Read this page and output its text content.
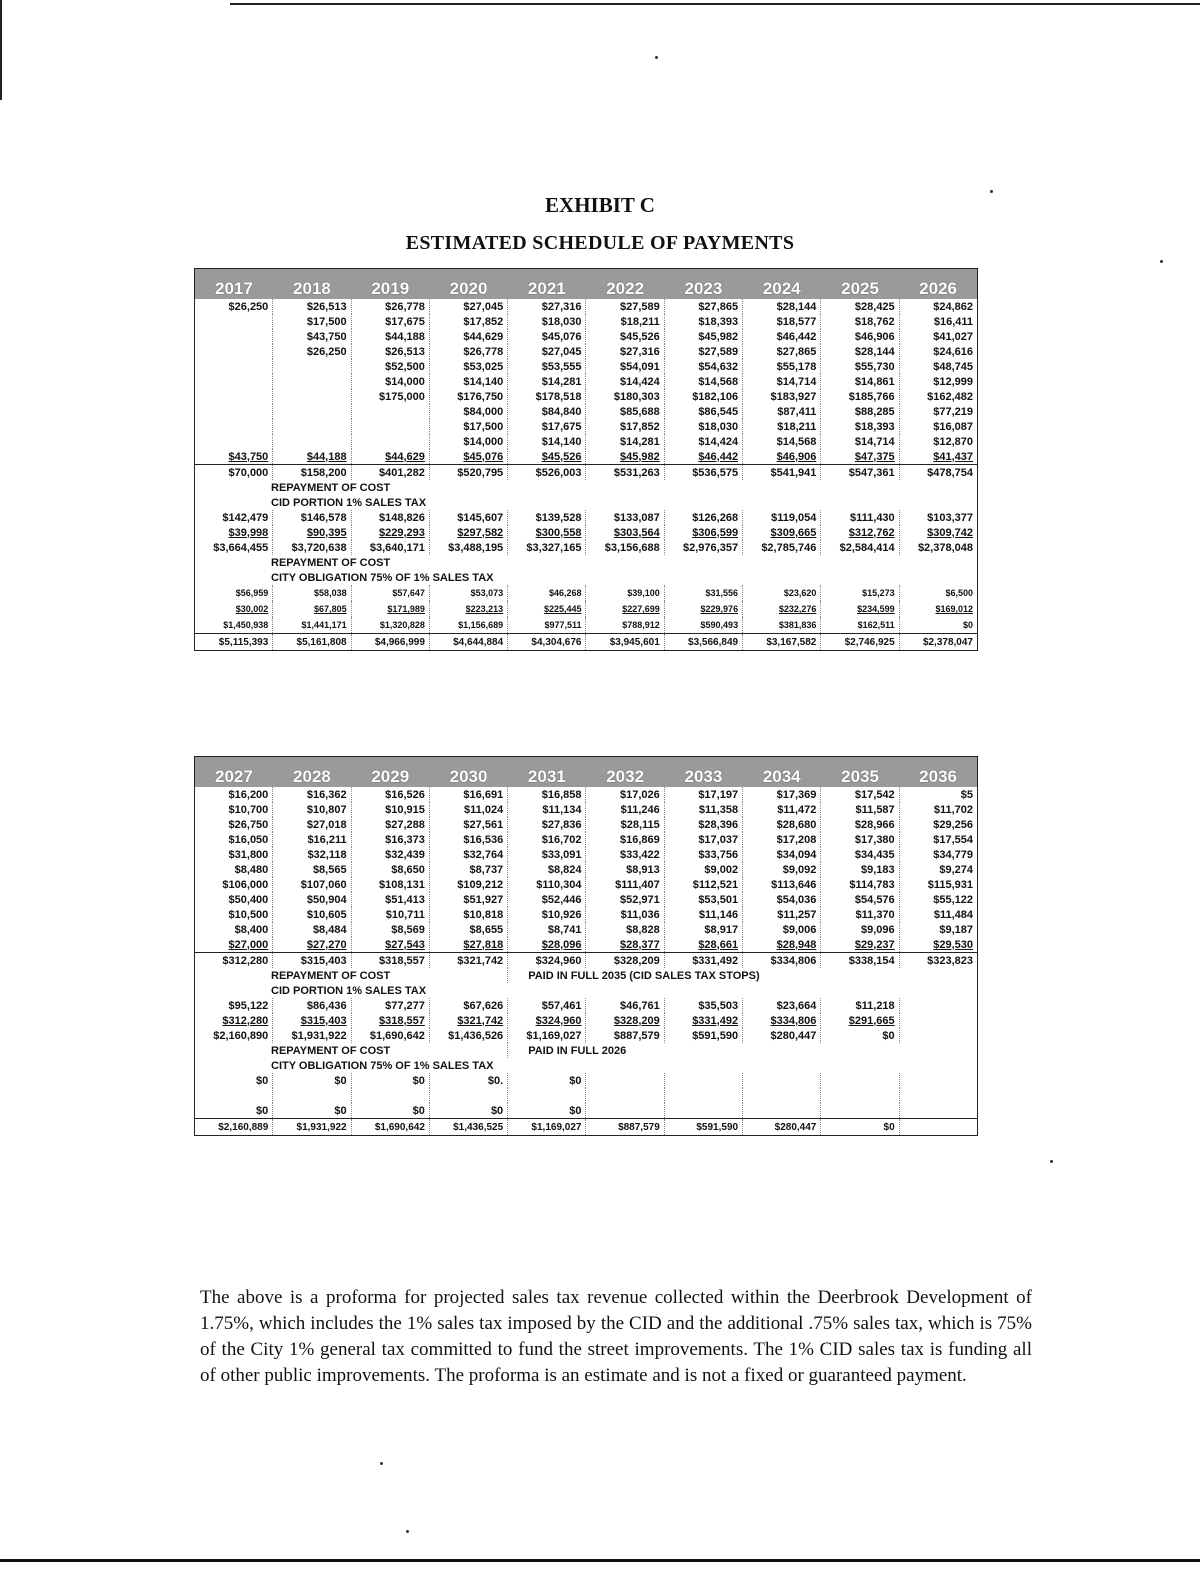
EXHIBIT C
ESTIMATED SCHEDULE OF PAYMENTS
2017	2018	2019	2020	2021	2022	2023	2024	2025	2026
$26,250	$26,513	$26,778	$27,045	$27,316	$27,589	$27,865	$28,144	$28,425	$24,862
	$17,500	$17,675	$17,852	$18,030	$18,211	$18,393	$18,577	$18,762	$16,411
	$43,750	$44,188	$44,629	$45,076	$45,526	$45,982	$46,442	$46,906	$41,027
	$26,250	$26,513	$26,778	$27,045	$27,316	$27,589	$27,865	$28,144	$24,616
		$52,500	$53,025	$53,555	$54,091	$54,632	$55,178	$55,730	$48,745
		$14,000	$14,140	$14,281	$14,424	$14,568	$14,714	$14,861	$12,999
		$175,000	$176,750	$178,518	$180,303	$182,106	$183,927	$185,766	$162,482
			$84,000	$84,840	$85,688	$86,545	$87,411	$88,285	$77,219
			$17,500	$17,675	$17,852	$18,030	$18,211	$18,393	$16,087
			$14,000	$14,140	$14,281	$14,424	$14,568	$14,714	$12,870
$43,750	$44,188	$44,629	$45,076	$45,526	$45,982	$46,442	$46,906	$47,375	$41,437
$70,000	$158,200	$401,282	$520,795	$526,003	$531,263	$536,575	$541,941	$547,361	$478,754
REPAYMENT OF COST									
CID PORTION 1% SALES TAX									
$142,479	$146,578	$148,826	$145,607	$139,528	$133,087	$126,268	$119,054	$111,430	$103,377
$39,998	$90,395	$229,293	$297,582	$300,558	$303,564	$306,599	$309,665	$312,762	$309,742
$3,664,455	$3,720,638	$3,640,171	$3,488,195	$3,327,165	$3,156,688	$2,976,357	$2,785,746	$2,584,414	$2,378,048
REPAYMENT OF COST									
CITY OBLIGATION 75% OF 1% SALES TAX									
$56,959	$58,038	$57,647	$53,073	$46,268	$39,100	$31,556	$23,620	$15,273	$6,500
$30,002	$67,805	$171,989	$223,213	$225,445	$227,699	$229,976	$232,276	$234,599	$169,012
$1,450,938	$1,441,171	$1,320,828	$1,156,689	$977,511	$788,912	$590,493	$381,836	$162,511	$0
$5,115,393	$5,161,808	$4,966,999	$4,644,884	$4,304,676	$3,945,601	$3,566,849	$3,167,582	$2,746,925	$2,378,047
2027	2028	2029	2030	2031	2032	2033	2034	2035	2036
$16,200	$16,362	$16,526	$16,691	$16,858	$17,026	$17,197	$17,369	$17,542	$5
$10,700	$10,807	$10,915	$11,024	$11,134	$11,246	$11,358	$11,472	$11,587	$11,702
$26,750	$27,018	$27,288	$27,561	$27,836	$28,115	$28,396	$28,680	$28,966	$29,256
$16,050	$16,211	$16,373	$16,536	$16,702	$16,869	$17,037	$17,208	$17,380	$17,554
$31,800	$32,118	$32,439	$32,764	$33,091	$33,422	$33,756	$34,094	$34,435	$34,779
$8,480	$8,565	$8,650	$8,737	$8,824	$8,913	$9,002	$9,092	$9,183	$9,274
$106,000	$107,060	$108,131	$109,212	$110,304	$111,407	$112,521	$113,646	$114,783	$115,931
$50,400	$50,904	$51,413	$51,927	$52,446	$52,971	$53,501	$54,036	$54,576	$55,122
$10,500	$10,605	$10,711	$10,818	$10,926	$11,036	$11,146	$11,257	$11,370	$11,484
$8,400	$8,484	$8,569	$8,655	$8,741	$8,828	$8,917	$9,006	$9,096	$9,187
$27,000	$27,270	$27,543	$27,818	$28,096	$28,377	$28,661	$28,948	$29,237	$29,530
$312,280	$315,403	$318,557	$321,742	$324,960	$328,209	$331,492	$334,806	$338,154	$323,823
REPAYMENT OF COST				PAID IN FULL 2035 (CID SALES TAX STOPS)					
CID PORTION 1% SALES TAX									
$95,122	$86,436	$77,277	$67,626	$57,461	$46,761	$35,503	$23,664	$11,218	
$312,280	$315,403	$318,557	$321,742	$324,960	$328,209	$331,492	$334,806	$291,665	
$2,160,890	$1,931,922	$1,690,642	$1,436,526	$1,169,027	$887,579	$591,590	$280,447	$0	
REPAYMENT OF COST				PAID IN FULL 2026					
CITY OBLIGATION 75% OF 1% SALES TAX									
$0	$0	$0	$0.	$0					

$0	$0	$0	$0	$0					
$2,160,889	$1,931,922	$1,690,642	$1,436,525	$1,169,027	$887,579	$591,590	$280,447	$0	

The above is a proforma for projected sales tax revenue collected within the Deerbrook Development of 1.75%, which includes the 1% sales tax imposed by the CID and the additional .75% sales tax, which is 75% of the City 1% general tax committed to fund the street improvements. The 1% CID sales tax is funding all of other public improvements. The proforma is an estimate and is not a fixed or guaranteed payment.
